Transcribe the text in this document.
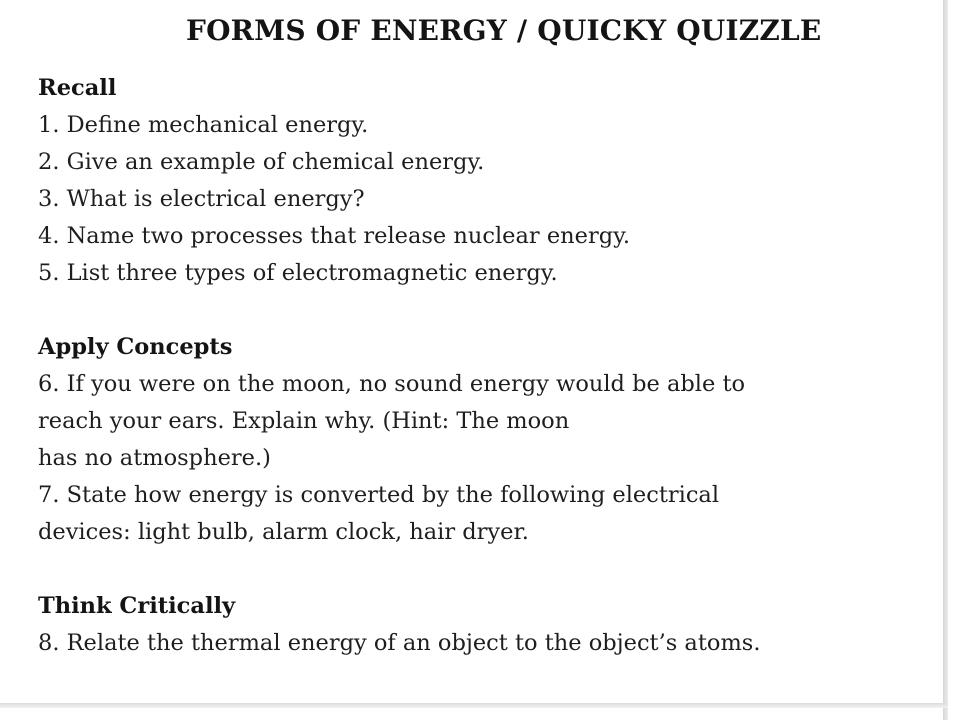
FORMS OF ENERGY / QUICKY QUIZZLE
Recall
1. Define mechanical energy.
2. Give an example of chemical energy.
3. What is electrical energy?
4. Name two processes that release nuclear energy.
5. List three types of electromagnetic energy.
Apply Concepts
6. If you were on the moon, no sound energy would be able to
reach your ears. Explain why. (Hint: The moon
has no atmosphere.)
7. State how energy is converted by the following electrical
devices: light bulb, alarm clock, hair dryer.
Think Critically
8. Relate the thermal energy of an object to the object’s atoms.
